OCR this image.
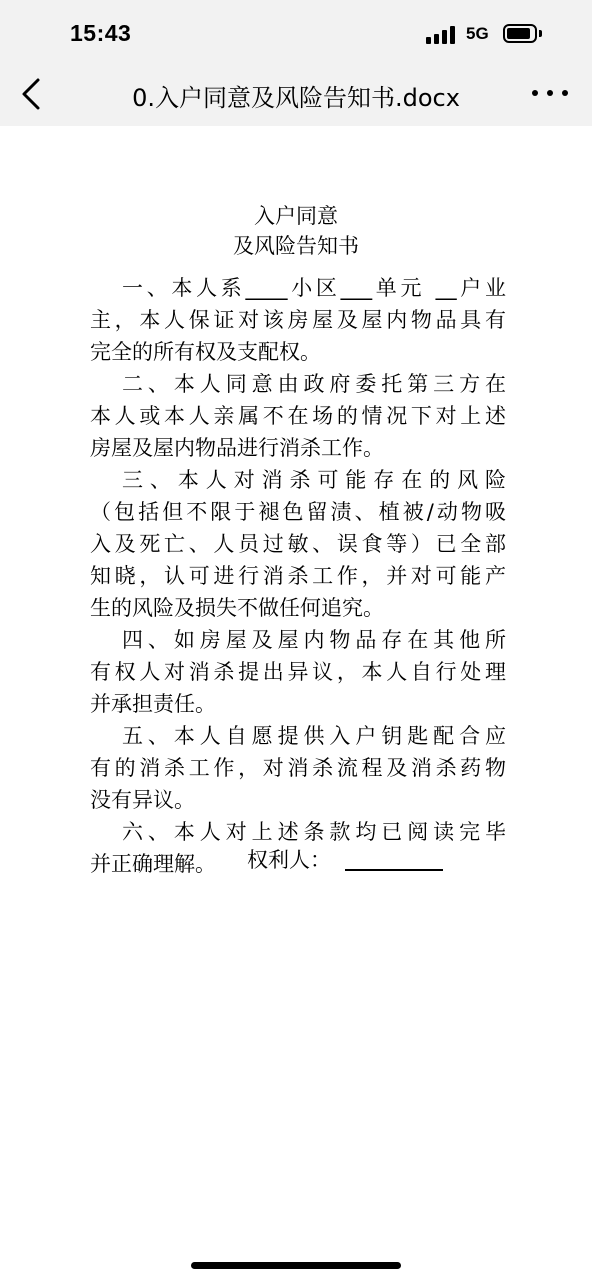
15:43	5G
0.入户同意及风险告知书.docx
入户同意
及风险告知书
一、本人系____小区___单元 __户业
主，本人保证对该房屋及屋内物品具有
完全的所有权及支配权。
二、本人同意由政府委托第三方在
本人或本人亲属不在场的情况下对上述
房屋及屋内物品进行消杀工作。
三、本人对消杀可能存在的风险
（包括但不限于褪色留渍、植被/动物吸
入及死亡、人员过敏、误食等）已全部
知晓，认可进行消杀工作，并对可能产
生的风险及损失不做任何追究。
四、如房屋及屋内物品存在其他所
有权人对消杀提出异议，本人自行处理
并承担责任。
五、本人自愿提供入户钥匙配合应
有的消杀工作，对消杀流程及消杀药物
没有异议。
六、本人对上述条款均已阅读完毕
并正确理解。	权利人：
